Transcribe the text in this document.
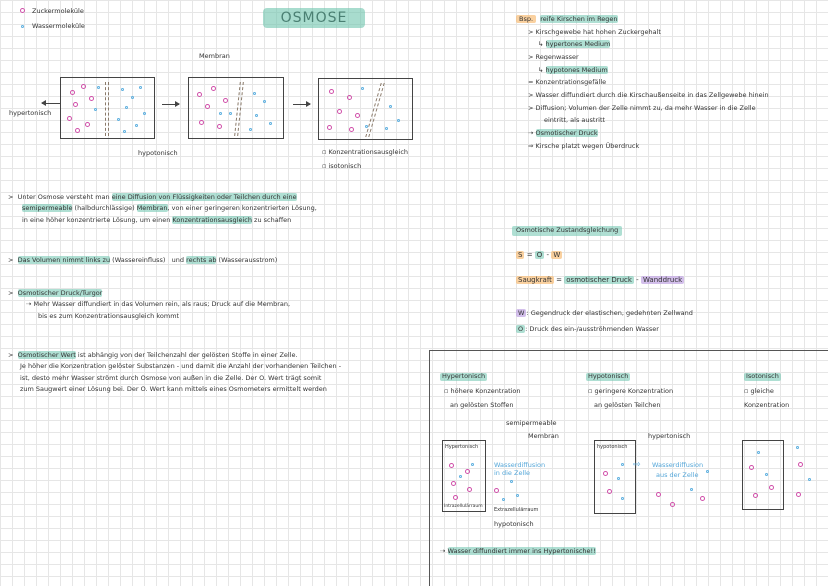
OSMOSE
Zuckermoleküle
Wassermoleküle
Membran
hypertonisch
hypotonisch	▫ Konzentrationsausgleich
▫ isotonisch
>  Unter Osmose versteht man eine Diffusion von Flüssigkeiten oder Teilchen durch eine
semipermeable (halbdurchlässige) Membran, von einer geringeren konzentrierten Lösung,
in eine höher konzentrierte Lösung, um einen Konzentrationsausgleich zu schaffen
>  Das Volumen nimmt links zu (Wassereinfluss) und rechts ab (Wasserausstrom)
>  Osmotischer Druck/Turgor
⇢ Mehr Wasser diffundiert in das Volumen rein, als raus; Druck auf die Membran,
bis es zum Konzentrationsausgleich kommt
>  Osmotischer Wert ist abhängig von der Teilchenzahl der gelösten Stoffe in einer Zelle.
Je höher die Konzentration gelöster Substanzen - und damit die Anzahl der vorhandenen Teilchen -
ist, desto mehr Wasser strömt durch Osmose von außen in die Zelle. Der O. Wert trägt somit
zum Saugwert einer Lösung bei. Der O. Wert kann mittels eines Osmometers ermittelt werden
Bsp. reife Kirschen im Regen
> Kirschgewebe hat hohen Zuckergehalt
↳ hypertones Medium
> Regenwasser
↳ hypotones Medium
= Konzentrationsgefälle
> Wasser diffundiert durch die Kirschaußenseite in das Zellgewebe hinein
> Diffusion; Volumen der Zelle nimmt zu, da mehr Wasser in die Zelle
eintritt, als austritt
⇢ Osmotischer Druck
⇒ Kirsche platzt wegen Überdruck
Osmotische Zustandsgleichung
S = O - W
Saugkraft = osmotischer Druck - Wanddruck
W : Gegendruck der elastischen, gedehnten Zellwand
O : Druck des ein-/ausströhmenden Wasser
Hypertonisch
▫ höhere Konzentration
an gelösten Stoffen
Hypotonisch
▫ geringere Konzentration
an gelösten Teilchen
Isotonisch
▫ gleiche
Konzentration
semipermeable
Membran
Hypertonisch
Intrazellulärraum
Wasserdiffusion
in die Zelle
Extrazellulärraum
hypotonisch
hypertonisch
hypotonisch
⇨ Wasserdiffusion
aus der Zelle
⇢ Wasser diffundiert immer ins Hypertonische!!
